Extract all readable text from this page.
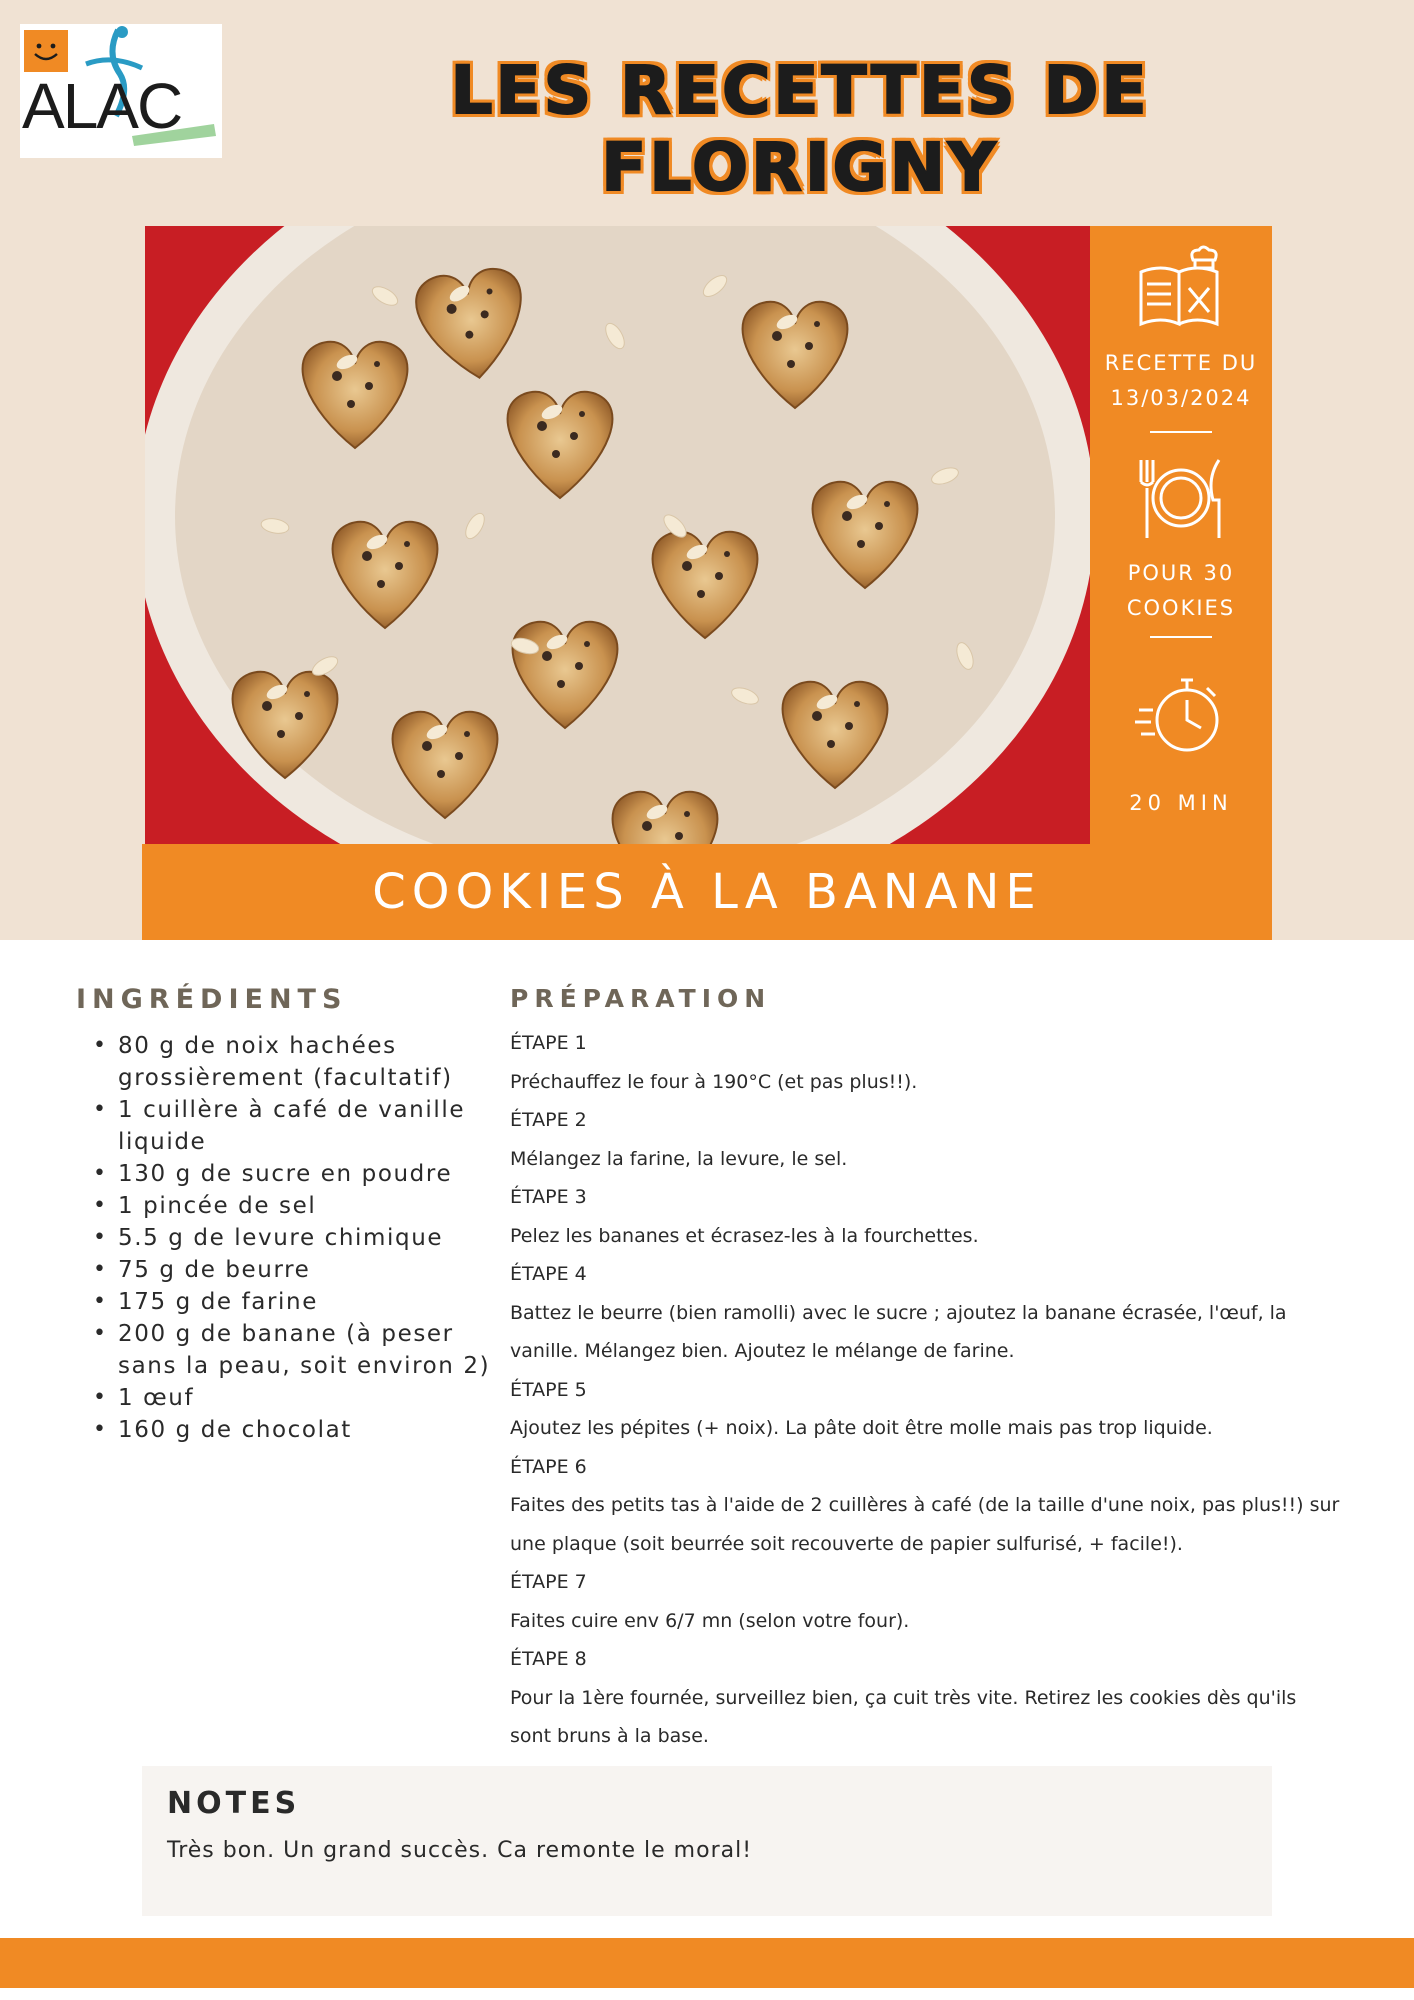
ALAC	LES RECETTES DE FLORIGNY
RECETTE DU
13/03/2024
POUR 30
COOKIES
20 MIN
COOKIES À LA BANANE
INGRÉDIENTS
• 80 g de noix hachées grossièrement (facultatif)
• 1 cuillère à café de vanille liquide
• 130 g de sucre en poudre
• 1 pincée de sel
• 5.5 g de levure chimique
• 75 g de beurre
• 175 g de farine
• 200 g de banane (à peser sans la peau, soit environ 2)
• 1 œuf
• 160 g de chocolat
PRÉPARATION
ÉTAPE 1
Préchauffez le four à 190°C (et pas plus!!).
ÉTAPE 2
Mélangez la farine, la levure, le sel.
ÉTAPE 3
Pelez les bananes et écrasez-les à la fourchettes.
ÉTAPE 4
Battez le beurre (bien ramolli) avec le sucre ; ajoutez la banane écrasée, l'œuf, la vanille. Mélangez bien. Ajoutez le mélange de farine.
ÉTAPE 5
Ajoutez les pépites (+ noix). La pâte doit être molle mais pas trop liquide.
ÉTAPE 6
Faites des petits tas à l'aide de 2 cuillères à café (de la taille d'une noix, pas plus!!) sur une plaque (soit beurrée soit recouverte de papier sulfurisé, + facile!).
ÉTAPE 7
Faites cuire env 6/7 mn (selon votre four).
ÉTAPE 8
Pour la 1ère fournée, surveillez bien, ça cuit très vite. Retirez les cookies dès qu'ils sont bruns à la base.
NOTES

Très bon. Un grand succès. Ca remonte le moral!
